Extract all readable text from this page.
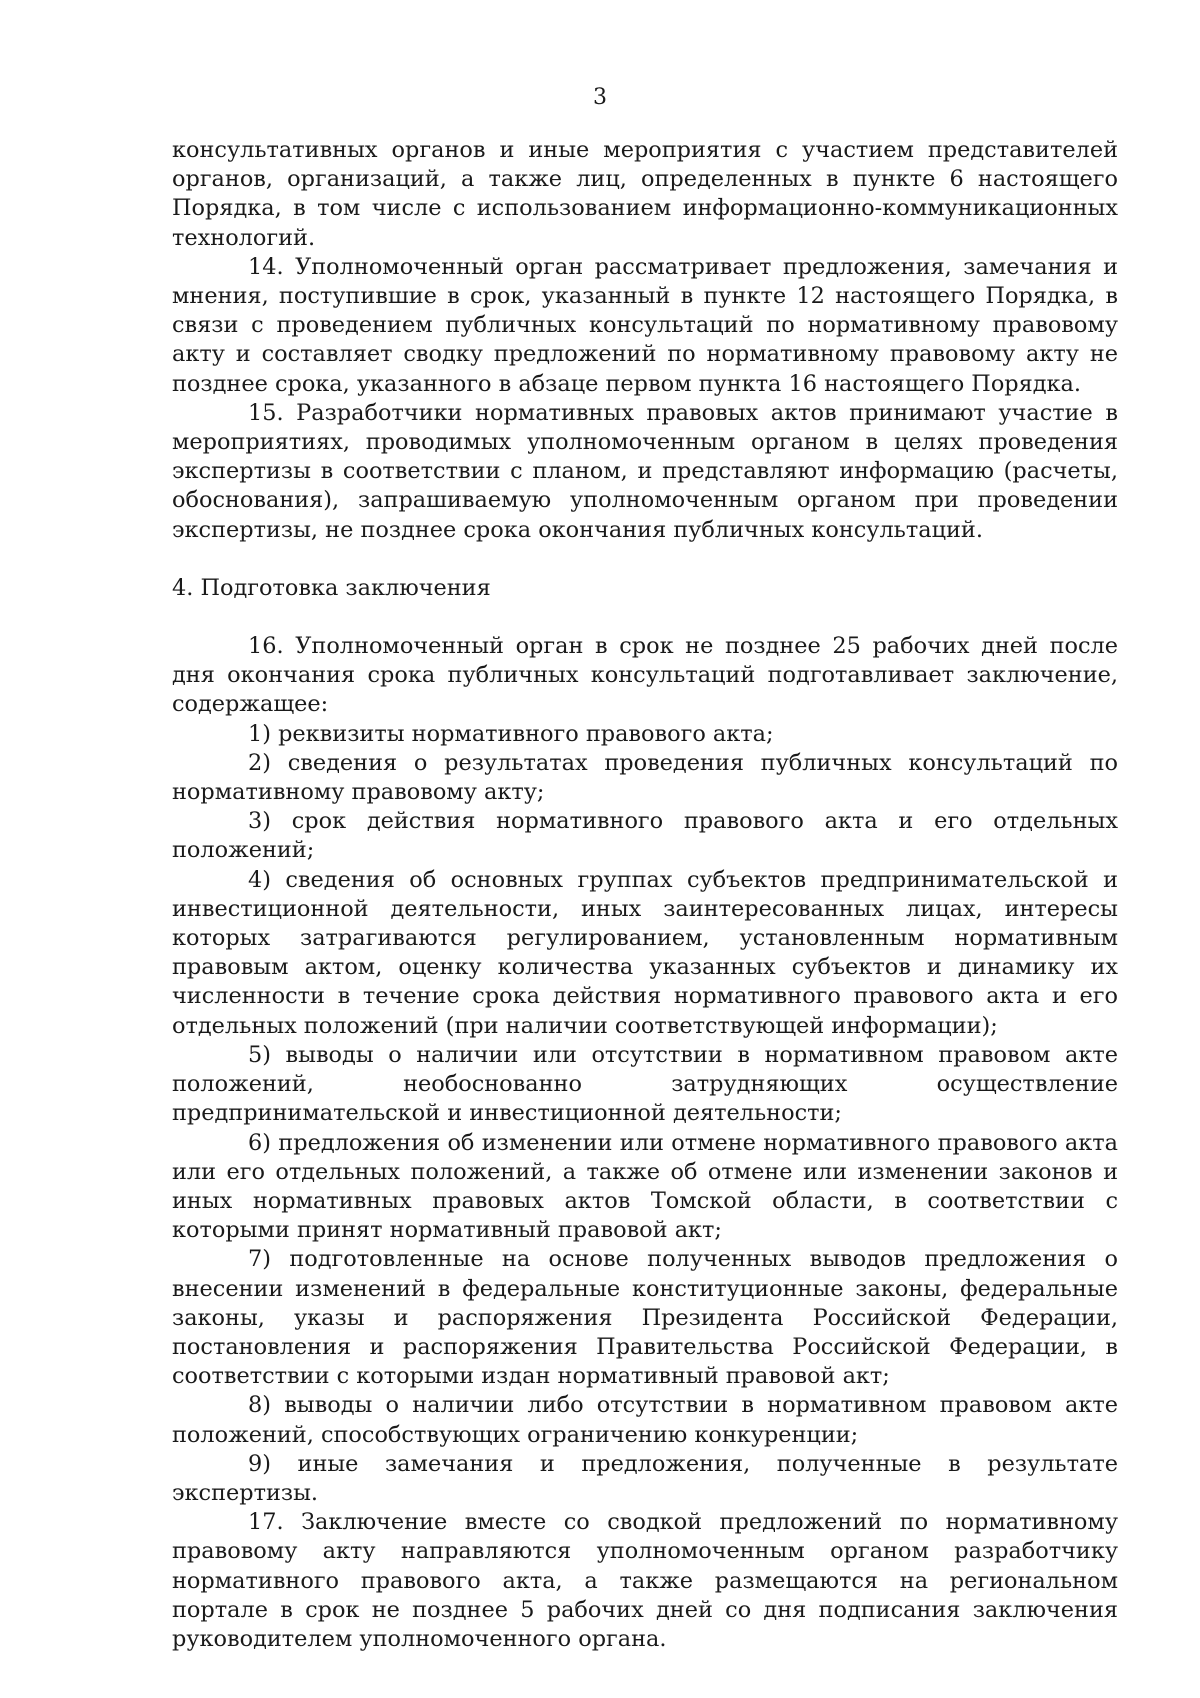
3

консультативных органов и иные мероприятия с участием представителей органов, организаций, а также лиц, определенных в пункте 6 настоящего Порядка, в том числе с использованием информационно-коммуникационных технологий.

14. Уполномоченный орган рассматривает предложения, замечания и мнения, поступившие в срок, указанный в пункте 12 настоящего Порядка, в связи с проведением публичных консультаций по нормативному правовому акту и составляет сводку предложений по нормативному правовому акту не позднее срока, указанного в абзаце первом пункта 16 настоящего Порядка.

15. Разработчики нормативных правовых актов принимают участие в мероприятиях, проводимых уполномоченным органом в целях проведения экспертизы в соответствии с планом, и представляют информацию (расчеты, обоснования), запрашиваемую уполномоченным органом при проведении экспертизы, не позднее срока окончания публичных консультаций.

4. Подготовка заключения

16. Уполномоченный орган в срок не позднее 25 рабочих дней после дня окончания срока публичных консультаций подготавливает заключение, содержащее:

1) реквизиты нормативного правового акта;

2) сведения о результатах проведения публичных консультаций по нормативному правовому акту;

3) срок действия нормативного правового акта и его отдельных положений;

4) сведения об основных группах субъектов предпринимательской и инвестиционной деятельности, иных заинтересованных лицах, интересы которых затрагиваются регулированием, установленным нормативным правовым актом, оценку количества указанных субъектов и динамику их численности в течение срока действия нормативного правового акта и его отдельных положений (при наличии соответствующей информации);

5) выводы о наличии или отсутствии в нормативном правовом акте положений, необоснованно затрудняющих осуществление предпринимательской и инвестиционной деятельности;

6) предложения об изменении или отмене нормативного правового акта или его отдельных положений, а также об отмене или изменении законов и иных нормативных правовых актов Томской области, в соответствии с которыми принят нормативный правовой акт;

7) подготовленные на основе полученных выводов предложения о внесении изменений в федеральные конституционные законы, федеральные законы, указы и распоряжения Президента Российской Федерации, постановления и распоряжения Правительства Российской Федерации, в соответствии с которыми издан нормативный правовой акт;

8) выводы о наличии либо отсутствии в нормативном правовом акте положений, способствующих ограничению конкуренции;

9) иные замечания и предложения, полученные в результате экспертизы.

17. Заключение вместе со сводкой предложений по нормативному правовому акту направляются уполномоченным органом разработчику нормативного правового акта, а также размещаются на региональном портале в срок не позднее 5 рабочих дней со дня подписания заключения руководителем уполномоченного органа.
